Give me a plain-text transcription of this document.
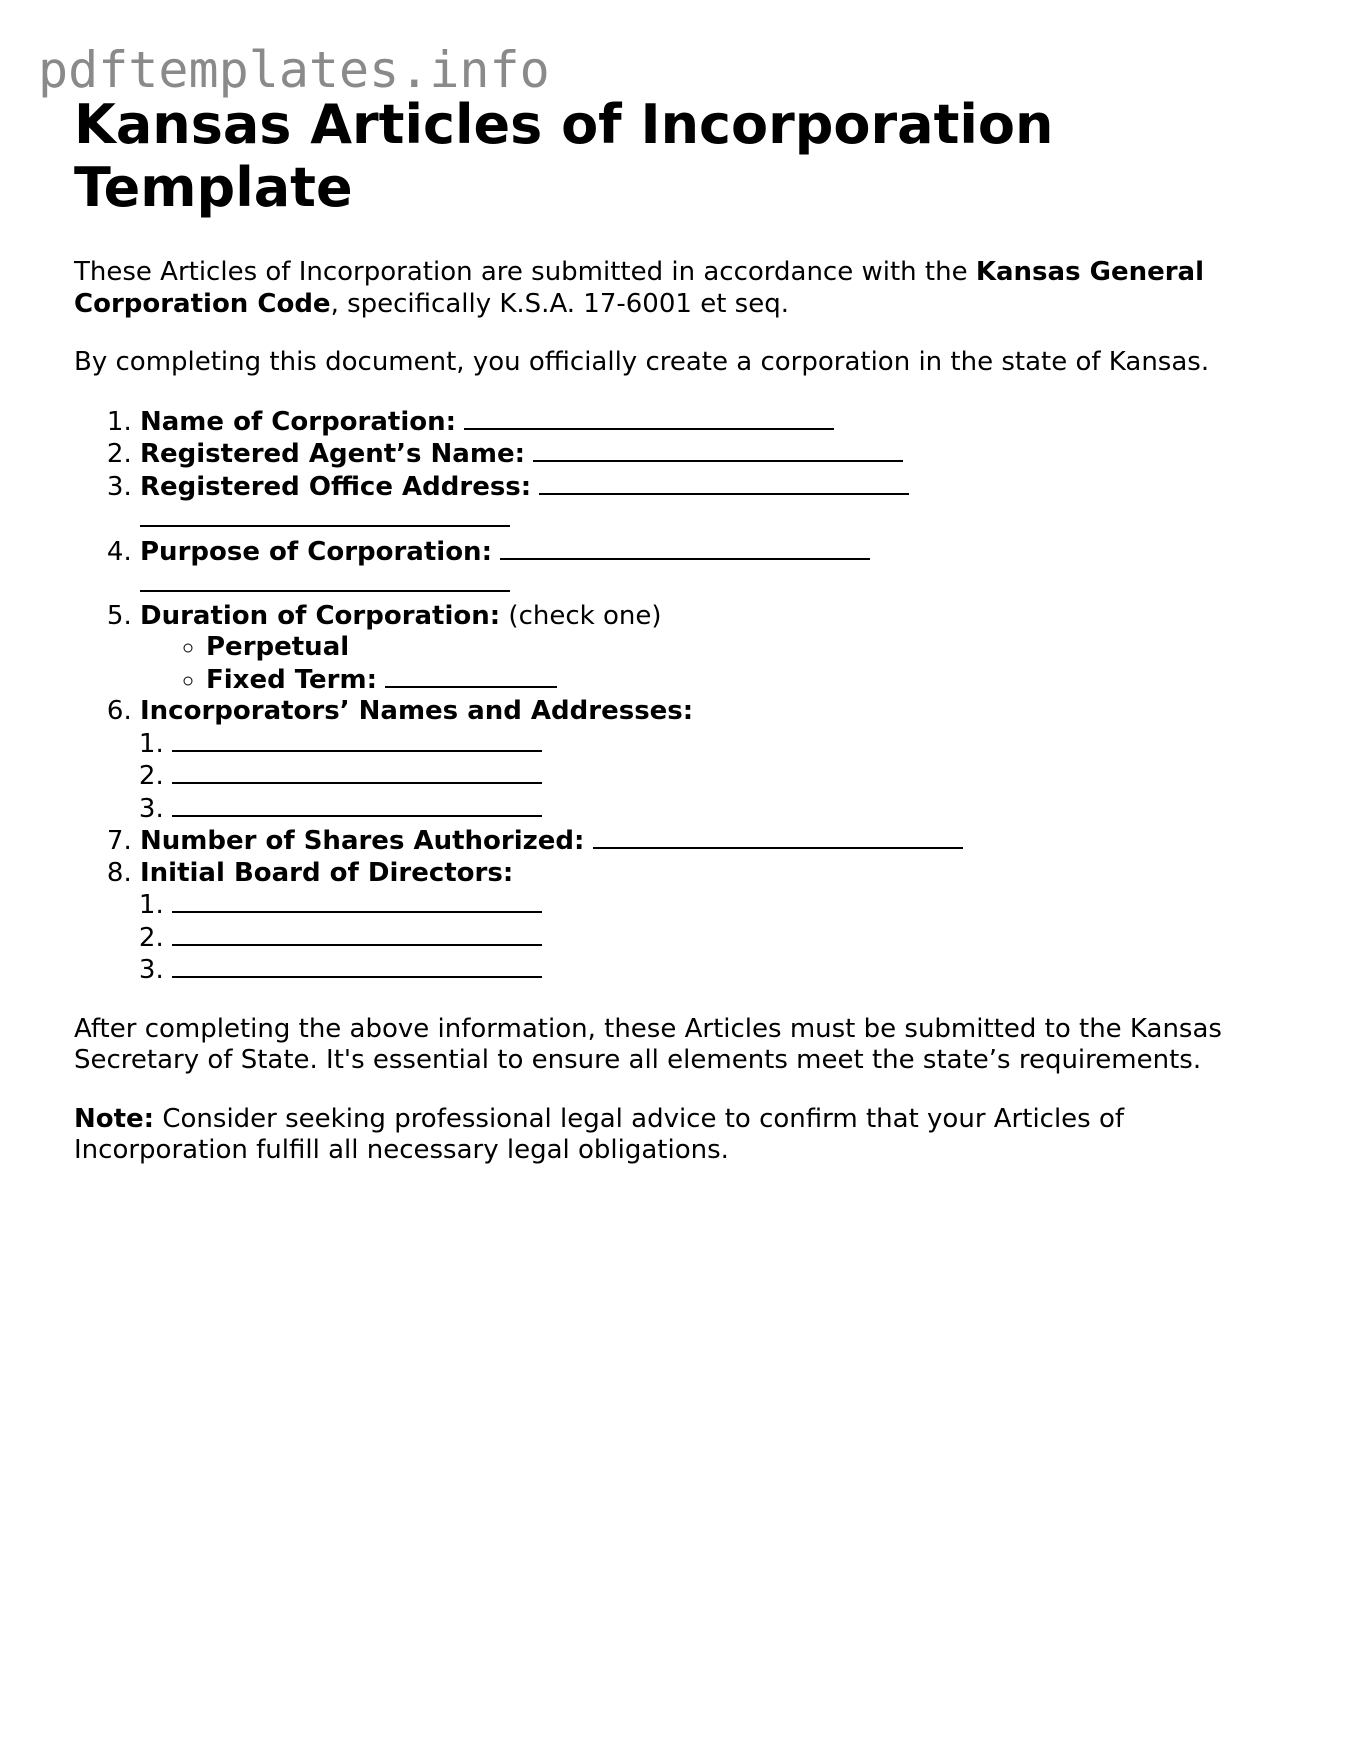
pdftemplates.info
Kansas Articles of Incorporation Template

These Articles of Incorporation are submitted in accordance with the Kansas General Corporation Code, specifically K.S.A. 17-6001 et seq.

By completing this document, you officially create a corporation in the state of Kansas.

1. Name of Corporation:
2. Registered Agent’s Name:
3. Registered Office Address:
4. Purpose of Corporation:
5. Duration of Corporation: (check one)
◦ Perpetual
◦ Fixed Term:
6. Incorporators’ Names and Addresses:
1.
2.
3.
7. Number of Shares Authorized:
8. Initial Board of Directors:
1.
2.
3.

After completing the above information, these Articles must be submitted to the Kansas Secretary of State. It's essential to ensure all elements meet the state’s requirements.

Note: Consider seeking professional legal advice to confirm that your Articles of Incorporation fulfill all necessary legal obligations.
